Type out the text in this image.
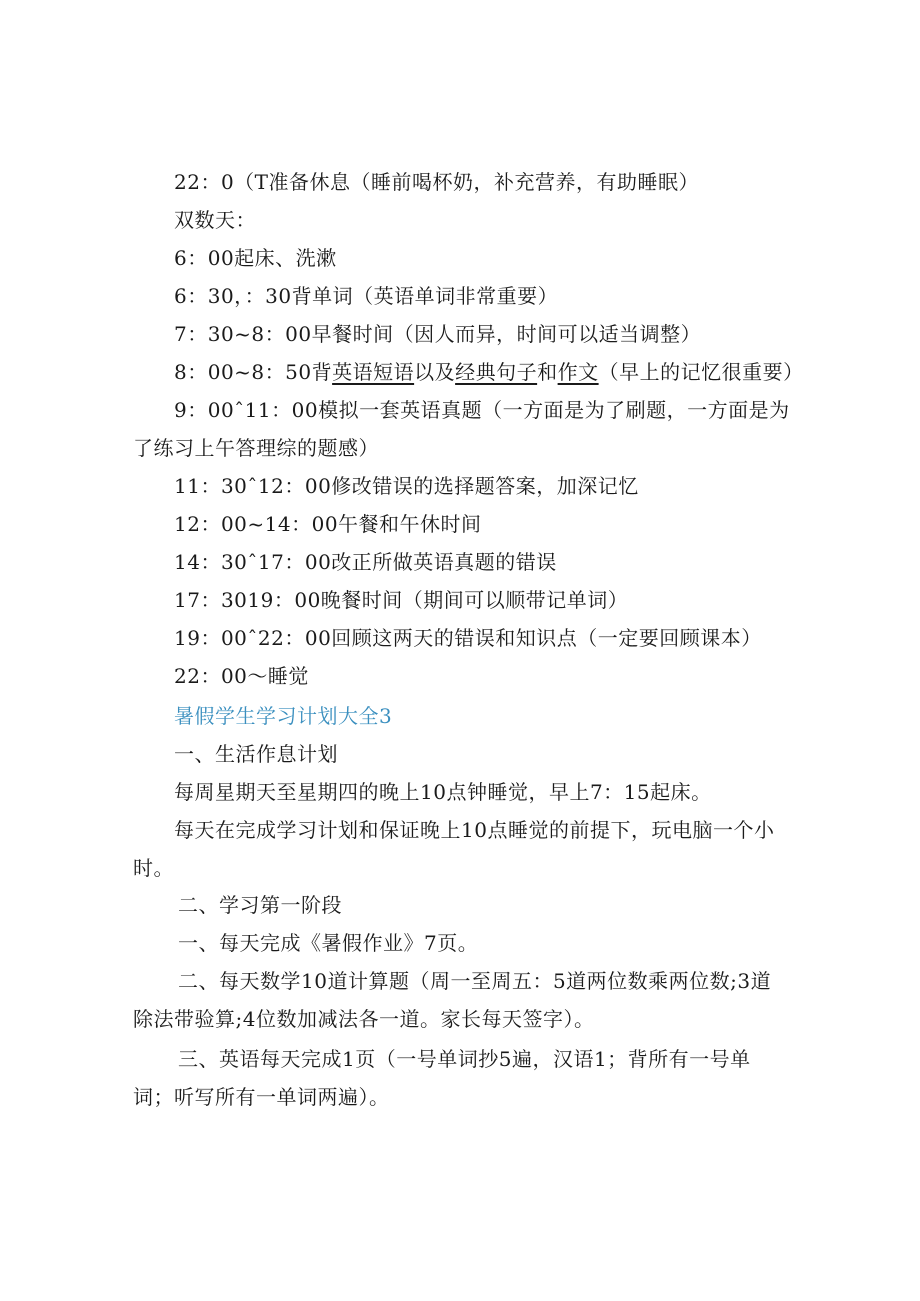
22：0（T准备休息（睡前喝杯奶，补充营养，有助睡眠）
双数天：
6：00起床、洗漱
6：30，：30背单词（英语单词非常重要）
7：30~8：00早餐时间（因人而异，时间可以适当调整）
8：00~8：50背英语短语以及经典句子和作文（早上的记忆很重要）
9：00ˆ11：00模拟一套英语真题（一方面是为了刷题，一方面是为
了练习上午答理综的题感）
11：30ˆ12：00修改错误的选择题答案，加深记忆
12：00~14：00午餐和午休时间
14：30ˆ17：00改正所做英语真题的错误
17：3019：00晚餐时间（期间可以顺带记单词）
19：00ˆ22：00回顾这两天的错误和知识点（一定要回顾课本）
22：00～睡觉
暑假学生学习计划大全3
一、生活作息计划
每周星期天至星期四的晚上10点钟睡觉，早上7：15起床。
每天在完成学习计划和保证晚上10点睡觉的前提下，玩电脑一个小
时。
二、学习第一阶段
一、每天完成《暑假作业》7页。
二、每天数学10道计算题（周一至周五：5道两位数乘两位数;3道
除法带验算;4位数加减法各一道。家长每天签字）。
三、英语每天完成1页（一号单词抄5遍，汉语1；背所有一号单
词；听写所有一单词两遍）。
